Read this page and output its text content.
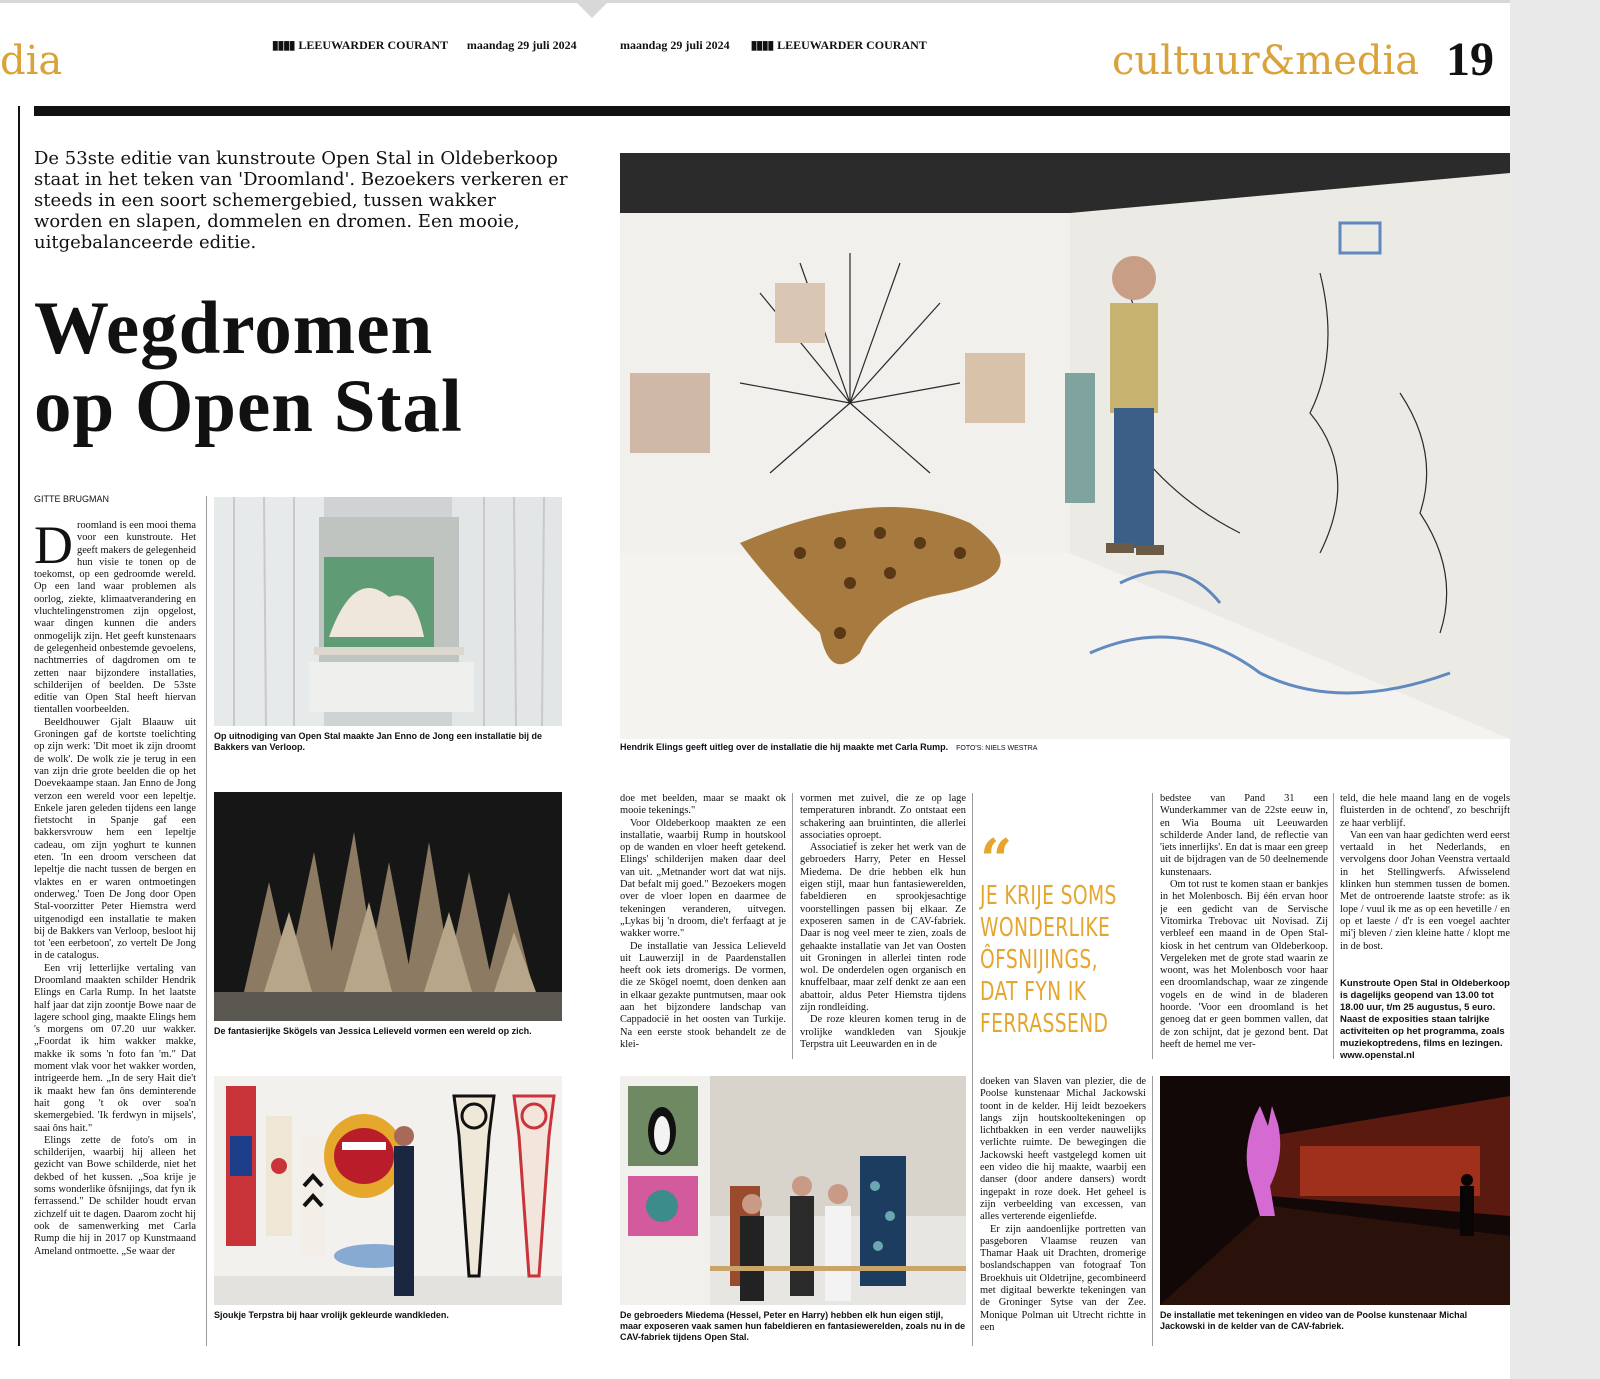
dia	▮▮▮▮ LEEUWARDER COURANT maandag 29 juli 2024	maandag 29 juli 2024 ▮▮▮▮ LEEUWARDER COURANT	cultuur&media 19
De 53ste editie van kunstroute Open Stal in Oldeberkoop staat in het teken van 'Droomland'. Bezoekers verkeren er steeds in een soort schemergebied, tussen wakker worden en slapen, dommelen en dromen. Een mooie, uitgebalanceerde editie.
Wegdromen
op Open Stal
GITTE BRUGMAN

Droomland is een mooi thema voor een kunstroute. Het geeft makers de gelegenheid hun visie te tonen op de toekomst, op een gedroomde wereld. Op een land waar problemen als oorlog, ziekte, klimaatverandering en vluchtelingenstromen zijn opgelost, waar dingen kunnen die anders onmogelijk zijn. Het geeft kunstenaars de gelegenheid onbestemde gevoelens, nachtmerries of dagdromen om te zetten naar bijzondere installaties, schilderijen of beelden. De 53ste editie van Open Stal heeft hiervan tientallen voorbeelden.

Beeldhouwer Gjalt Blaauw uit Groningen gaf de kortste toelichting op zijn werk: 'Dit moet ik zijn droomt de wolk'. De wolk zie je terug in een van zijn drie grote beelden die op het Doevekaampe staan. Jan Enno de Jong verzon een wereld voor een lepeltje. Enkele jaren geleden tijdens een lange fietstocht in Spanje gaf een bakkersvrouw hem een lepeltje cadeau, om zijn yoghurt te kunnen eten. 'In een droom verscheen dat lepeltje die nacht tussen de bergen en vlaktes en er waren ontmoetingen onderweg.' Toen De Jong door Open Stal-voorzitter Peter Hiemstra werd uitgenodigd een installatie te maken bij de Bakkers van Verloop, besloot hij tot 'een eerbetoon', zo vertelt De Jong in de catalogus.

Een vrij letterlijke vertaling van Droomland maakten schilder Hendrik Elings en Carla Rump. In het laatste half jaar dat zijn zoontje Bowe naar de lagere school ging, maakte Elings hem 's morgens om 07.20 uur wakker. „Foordat ik him wakker makke, makke ik soms 'n foto fan 'm." Dat moment vlak voor het wakker worden, intrigeerde hem. „In de sery Hait die't ik maakt hew fan ôns deminterende hait gong 't ok over soa'n skemergebied. 'Ik ferdwyn in mijsels', saai ôns hait."

Elings zette de foto's om in schilderijen, waarbij hij alleen het gezicht van Bowe schilderde, niet het dekbed of het kussen. „Soa krije je soms wonderlike ôfsnijings, dat fyn ik ferrassend." De schilder houdt ervan zichzelf uit te dagen. Daarom zocht hij ook de samenwerking met Carla Rump die hij in 2017 op Kunstmaand Ameland ontmoette. „Se waar der

Op uitnodiging van Open Stal maakte Jan Enno de Jong een installatie bij de Bakkers van Verloop.	Hendrik Elings geeft uitleg over de installatie die hij maakte met Carla Rump. FOTO'S: NIELS WESTRA
De fantasierijke Skögels van Jessica Lelieveld vormen een wereld op zich.
Sjoukje Terpstra bij haar vrolijk gekleurde wandkleden.

doe met beelden, maar se maakt ok mooie tekenings."

Voor Oldeberkoop maakten ze een installatie, waarbij Rump in houtskool op de wanden en vloer heeft getekend. Elings' schilderijen maken daar deel van uit. „Metnander wort dat wat nijs. Dat befalt mij goed." Bezoekers mogen over de vloer lopen en daarmee de tekeningen veranderen, uitvegen. „Lykas bij 'n droom, die't ferfaagt at je wakker worre."

De installatie van Jessica Lelieveld uit Lauwerzijl in de Paardenstallen heeft ook iets dromerigs. De vormen, die ze Skögel noemt, doen denken aan in elkaar gezakte puntmutsen, maar ook aan het bijzondere landschap van Cappadocië in het oosten van Turkije. Na een eerste stook behandelt ze de klei-

vormen met zuivel, die ze op lage temperaturen inbrandt. Zo ontstaat een schakering aan bruintinten, die allerlei associaties oproept.

Associatief is zeker het werk van de gebroeders Harry, Peter en Hessel Miedema. De drie hebben elk hun eigen stijl, maar hun fantasiewerelden, fabeldieren en sprookjesachtige voorstellingen passen bij elkaar. Ze exposeren samen in de CAV-fabriek. Daar is nog veel meer te zien, zoals de gehaakte installatie van Jet van Oosten uit Groningen in allerlei tinten rode wol. De onderdelen ogen organisch en knuffelbaar, maar zelf denkt ze aan een abattoir, aldus Peter Hiemstra tijdens zijn rondleiding.

De roze kleuren komen terug in de vrolijke wandkleden van Sjoukje Terpstra uit Leeuwarden en in de

“
JE KRIJE SOMS WONDERLIKE ÔFSNIJINGS, DAT FYN IK FERRASSEND

bedstee van Pand 31 een Wunderkammer van de 22ste eeuw in, en Wia Bouma uit Leeuwarden schilderde Ander land, de reflectie van 'iets innerlijks'. En dat is maar een greep uit de bijdragen van de 50 deelnemende kunstenaars.

Om tot rust te komen staan er bankjes in het Molenbosch. Bij één ervan hoor je een gedicht van de Servische Vitomirka Trebovac uit Novisad. Zij verbleef een maand in de Open Stal-kiosk in het centrum van Oldeberkoop. Vergeleken met de grote stad waarin ze woont, was het Molenbosch voor haar een droomlandschap, waar ze zingende vogels en de wind in de bladeren hoorde. 'Voor een droomland is het genoeg dat er geen bommen vallen, dat de zon schijnt, dat je gezond bent. Dat heeft de hemel me ver-

teld, die hele maand lang en de vogels fluisterden in de ochtend', zo beschrijft ze haar verblijf.

Van een van haar gedichten werd eerst vertaald in het Nederlands, en vervolgens door Johan Veenstra vertaald in het Stellingwerfs. Afwisselend klinken hun stemmen tussen de bomen. Met de ontroerende laatste strofe: as ik lope / vuul ik me as op een hevetille / en op et laeste / d'r is een voegel aachter mi'j bleven / zien kleine hatte / klopt me in de bost.

Kunstroute Open Stal in Oldeberkoop is dagelijks geopend van 13.00 tot 18.00 uur, t/m 25 augustus, 5 euro. Naast de exposities staan talrijke activiteiten op het programma, zoals muziekoptredens, films en lezingen. www.openstal.nl
De gebroeders Miedema (Hessel, Peter en Harry) hebben elk hun eigen stijl, maar exposeren vaak samen hun fabeldieren en fantasiewerelden, zoals nu in de CAV-fabriek tijdens Open Stal.

doeken van Slaven van plezier, die de Poolse kunstenaar Michal Jackowski toont in de kelder. Hij leidt bezoekers langs zijn houtskooltekeningen op lichtbakken in een verder nauwelijks verlichte ruimte. De bewegingen die Jackowski heeft vastgelegd komen uit een video die hij maakte, waarbij een danser (door andere dansers) wordt ingepakt in roze doek. Het geheel is zijn verbeelding van excessen, van alles verterende eigenliefde.

Er zijn aandoenlijke portretten van pasgeboren Vlaamse reuzen van Thamar Haak uit Drachten, dromerige boslandschappen van fotograaf Ton Broekhuis uit Oldetrijne, gecombineerd met digitaal bewerkte tekeningen van de Groninger Sytse van der Zee. Monique Polman uit Utrecht richtte in een

De installatie met tekeningen en video van de Poolse kunstenaar Michal Jackowski in de kelder van de CAV-fabriek.
